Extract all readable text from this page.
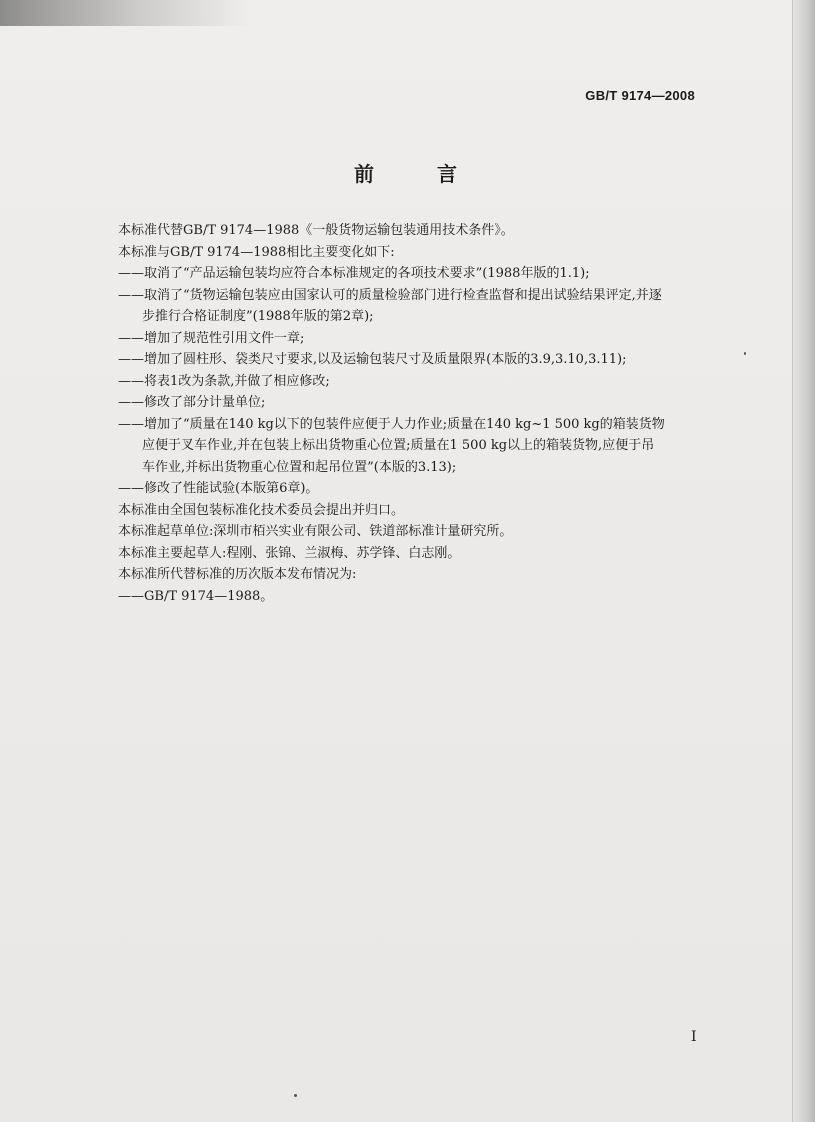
GB/T 9174—2008
前 言
本标准代替GB/T 9174—1988《一般货物运输包装通用技术条件》。
本标准与GB/T 9174—1988相比主要变化如下:
——取消了“产品运输包装均应符合本标准规定的各项技术要求”(1988年版的1.1);
——取消了“货物运输包装应由国家认可的质量检验部门进行检查监督和提出试验结果评定,并逐
步推行合格证制度”(1988年版的第2章);
——增加了规范性引用文件一章;
——增加了圆柱形、袋类尺寸要求,以及运输包装尺寸及质量限界(本版的3.9,3.10,3.11);
——将表1改为条款,并做了相应修改;
——修改了部分计量单位;
——增加了“质量在140 kg以下的包装件应便于人力作业;质量在140 kg~1 500 kg的箱装货物
应便于叉车作业,并在包装上标出货物重心位置;质量在1 500 kg以上的箱装货物,应便于吊
车作业,并标出货物重心位置和起吊位置”(本版的3.13);
——修改了性能试验(本版第6章)。
本标准由全国包装标准化技术委员会提出并归口。
本标准起草单位:深圳市栢兴实业有限公司、铁道部标准计量研究所。
本标准主要起草人:程刚、张锦、兰淑梅、苏学锋、白志刚。
本标准所代替标准的历次版本发布情况为:
——GB/T 9174—1988。
I
